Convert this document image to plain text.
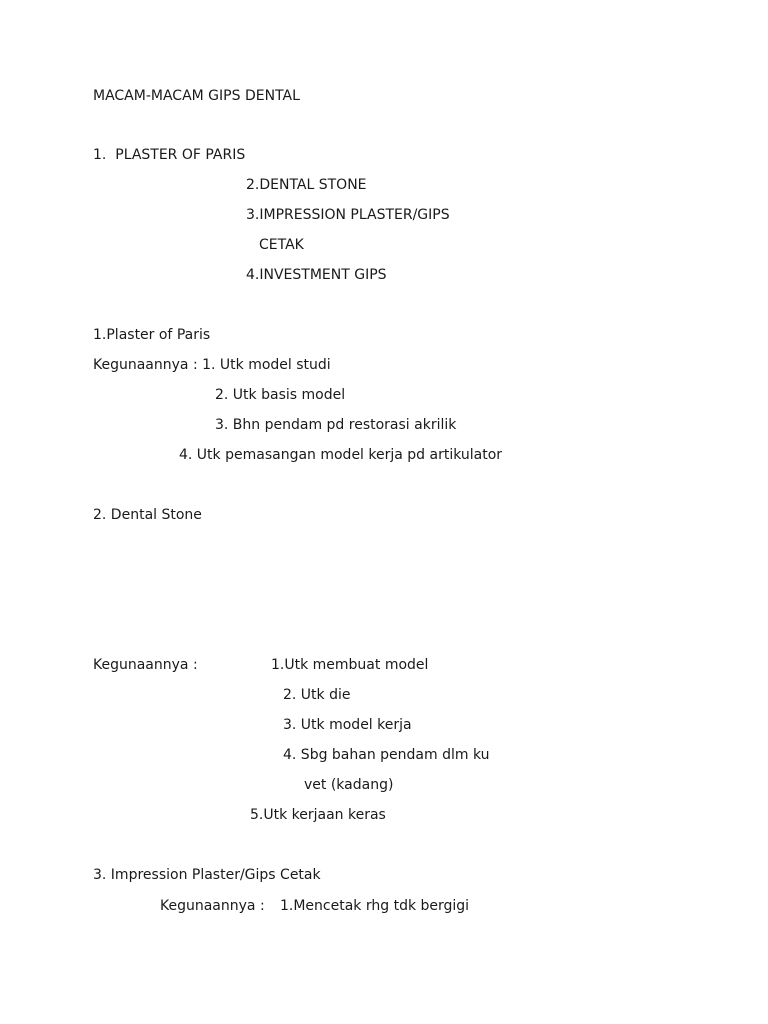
MACAM-MACAM GIPS DENTAL
1.  PLASTER OF PARIS
2.DENTAL STONE
3.IMPRESSION PLASTER/GIPS
CETAK
4.INVESTMENT GIPS
1.Plaster of Paris
Kegunaannya : 1. Utk model studi
2. Utk basis model
3. Bhn pendam pd restorasi akrilik
4. Utk pemasangan model kerja pd artikulator
2. Dental Stone
Kegunaannya :	1.Utk membuat model
2. Utk die
3. Utk model kerja
4. Sbg bahan pendam dlm ku
vet (kadang)
5.Utk kerjaan keras
3. Impression Plaster/Gips Cetak
Kegunaannya : 1.Mencetak rhg tdk bergigi
